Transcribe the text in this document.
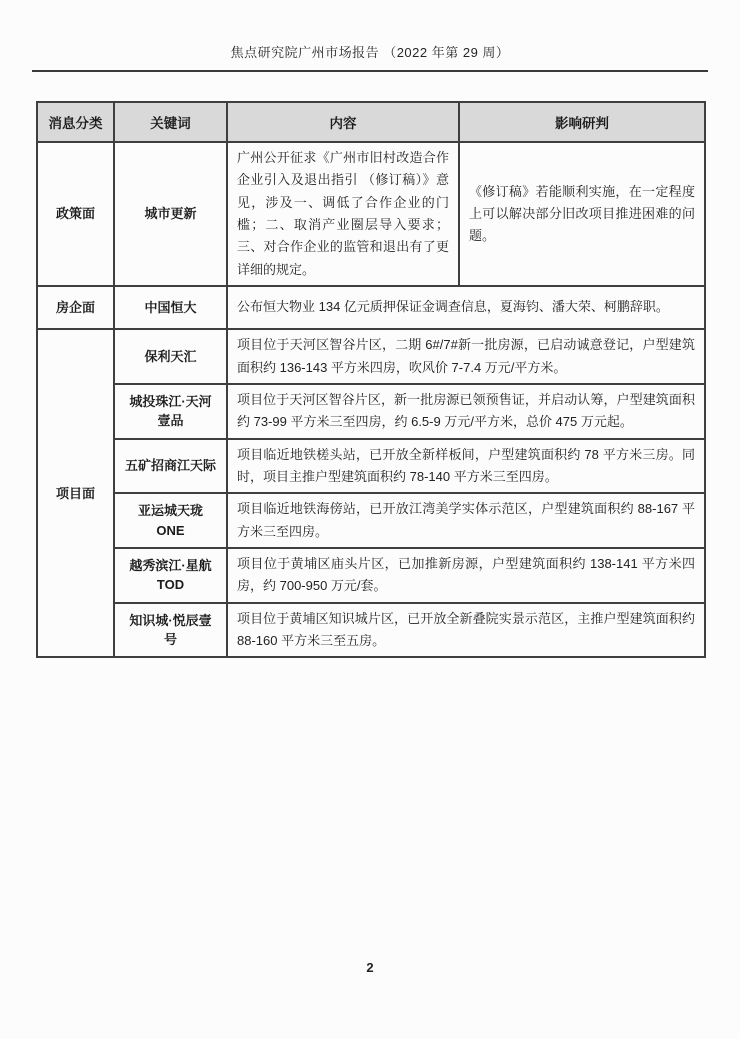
焦点研究院广州市场报告 （2022 年第 29 周）
消息分类	关键词	内容	影响研判
政策面	城市更新	广州公开征求《广州市旧村改造合作企业引入及退出指引 （修订稿）》意见，涉及一、调低了合作企业的门槛；二、取消产业圈层导入要求；三、对合作企业的监管和退出有了更详细的规定。	《修订稿》若能顺利实施，在一定程度上可以解决部分旧改项目推进困难的问题。
房企面	中国恒大	公布恒大物业 134 亿元质押保证金调查信息，夏海钧、潘大荣、柯鹏辞职。	
项目面	保利天汇	项目位于天河区智谷片区，二期 6#/7#新一批房源，已启动诚意登记，户型建筑面积约 136-143 平方米四房，吹风价 7-7.4 万元/平方米。	
	城投珠江·天河壹品	项目位于天河区智谷片区，新一批房源已领预售证，并启动认筹，户型建筑面积约 73-99 平方米三至四房，约 6.5-9 万元/平方米，总价 475 万元起。	
	五矿招商江天际	项目临近地铁槎头站，已开放全新样板间，户型建筑面积约 78 平方米三房。同时，项目主推户型建筑面积约 78-140 平方米三至四房。	
	亚运城天珑 ONE	项目临近地铁海傍站，已开放江湾美学实体示范区，户型建筑面积约 88-167 平方米三至四房。	
	越秀滨江·星航 TOD	项目位于黄埔区庙头片区，已加推新房源，户型建筑面积约 138-141 平方米四房，约 700-950 万元/套。	
	知识城·悦辰壹号	项目位于黄埔区知识城片区，已开放全新叠院实景示范区，主推户型建筑面积约 88-160 平方米三至五房。	
2
